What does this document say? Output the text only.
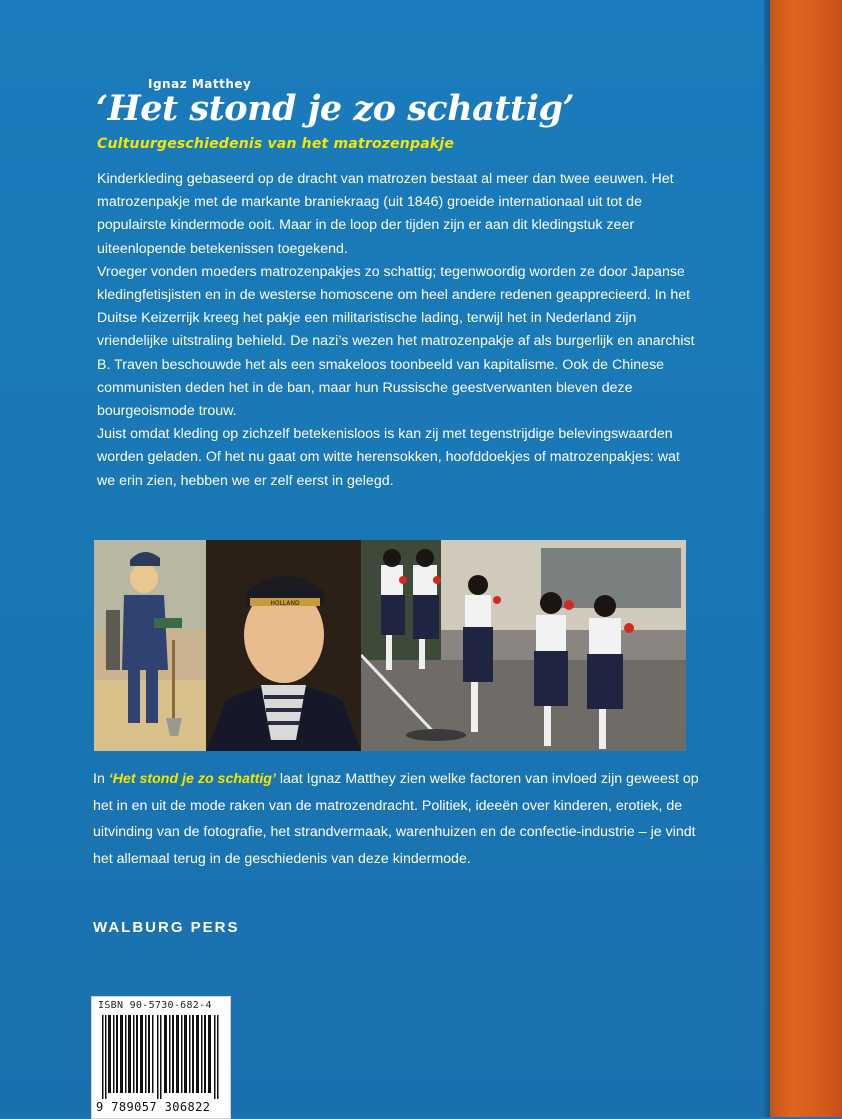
Ignaz Matthey
‘Het stond je zo schattig’
Cultuurgeschiedenis van het matrozenpakje

Kinderkleding gebaseerd op de dracht van matrozen bestaat al meer dan twee eeuwen. Het matrozenpakje met de markante braniekraag (uit 1846) groeide internationaal uit tot de populairste kindermode ooit. Maar in de loop der tijden zijn er aan dit kledingstuk zeer uiteenlopende betekenissen toegekend.

Vroeger vonden moeders matrozenpakjes zo schattig; tegenwoordig worden ze door Japanse kledingfetisjisten en in de westerse homoscene om heel andere redenen geapprecieerd. In het Duitse Keizerrijk kreeg het pakje een militaristische lading, terwijl het in Nederland zijn vriendelijke uitstraling behield. De nazi’s wezen het matrozenpakje af als burgerlijk en anarchist B. Traven beschouwde het als een smakeloos toonbeeld van kapitalisme. Ook de Chinese communisten deden het in de ban, maar hun Russische geestverwanten bleven deze bourgeoismode trouw.

Juist omdat kleding op zichzelf betekenisloos is kan zij met tegenstrijdige belevingswaarden worden geladen. Of het nu gaat om witte herensokken, hoofddoekjes of matrozenpakjes: wat we erin zien, hebben we er zelf eerst in gelegd.

HOLLAND
In ‘Het stond je zo schattig’ laat Ignaz Matthey zien welke factoren van invloed zijn geweest op het in en uit de mode raken van de matrozendracht. Politiek, ideeën over kinderen, erotiek, de uitvinding van de fotografie, het strandvermaak, warenhuizen en de confectie-industrie – je vindt het allemaal terug in de geschiedenis van deze kindermode.
WALBURG PERS
ISBN 90-5730-682-4
9 789057 306822
